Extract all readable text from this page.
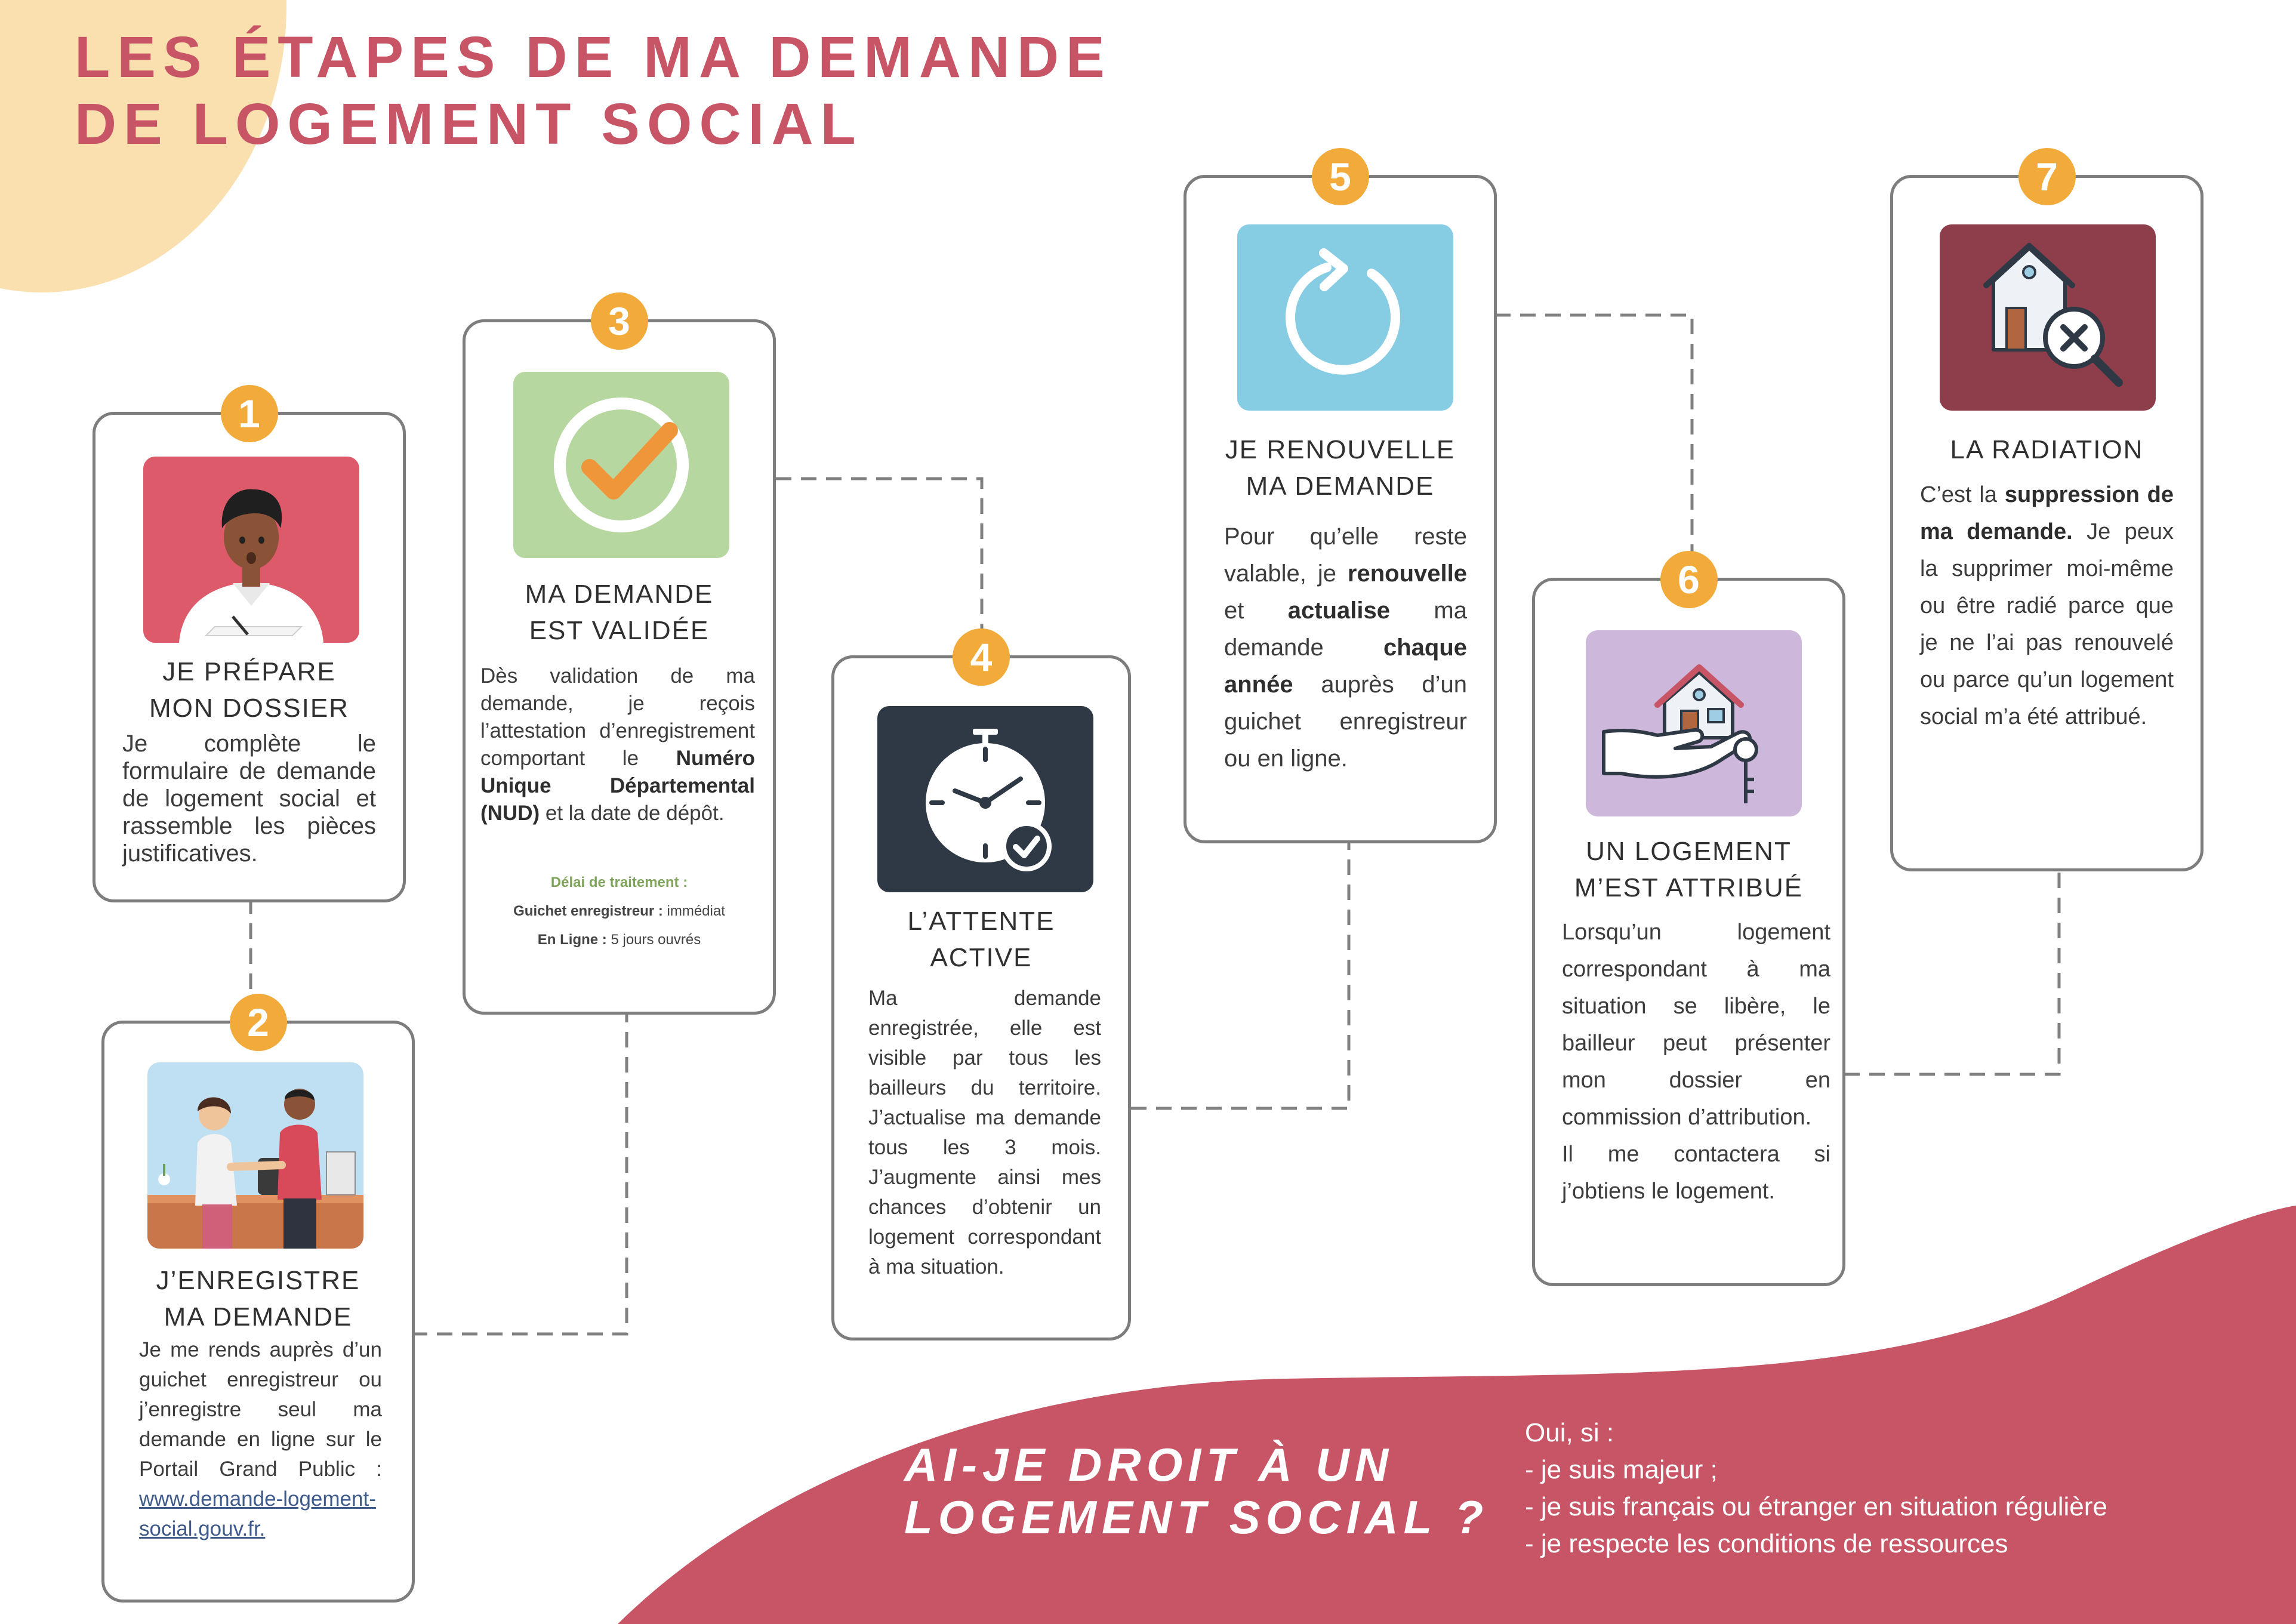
LES ÉTAPES DE MA DEMANDE
DE LOGEMENT SOCIAL
1
JE PRÉPARE
MON DOSSIER

Je complète le formulaire de demande de logement social et rassemble les pièces justificatives.

2
J’ENREGISTRE
MA DEMANDE

Je me rends auprès d’un guichet enregistreur ou j’enregistre seul ma demande en ligne sur le Portail Grand Public : www.demande-logement-social.gouv.fr.

3
MA DEMANDE
EST VALIDÉE

Dès validation de ma demande, je reçois l’attestation d’enregistrement comportant le Numéro Unique Départemental (NUD) et la date de dépôt.

Délai de traitement :
Guichet enregistreur : immédiat
En Ligne : 5 jours ouvrés
4
L’ATTENTE
ACTIVE

Ma demande enregistrée, elle est visible par tous les bailleurs du territoire. J’actualise ma demande tous les 3 mois. J’augmente ainsi mes chances d’obtenir un logement correspondant à ma situation.

5
JE RENOUVELLE
MA DEMANDE

Pour qu’elle reste valable, je renouvelle et actualise ma demande chaque année auprès d’un guichet enregistreur ou en ligne.

6
UN LOGEMENT
M’EST ATTRIBUÉ

Lorsqu’un logement correspondant à ma situation se libère, le bailleur peut présenter mon dossier en commission d’attribution.

Il me contactera si j’obtiens le logement.

7
LA RADIATION

C’est la suppression de ma demande. Je peux la supprimer moi-même ou être radié parce que je ne l’ai pas renouvelé ou parce qu’un logement social m’a été attribué.

AI-JE DROIT À UN
LOGEMENT SOCIAL ?
Oui, si :
- je suis majeur ;
- je suis français ou étranger en situation régulière
- je respecte les conditions de ressources
